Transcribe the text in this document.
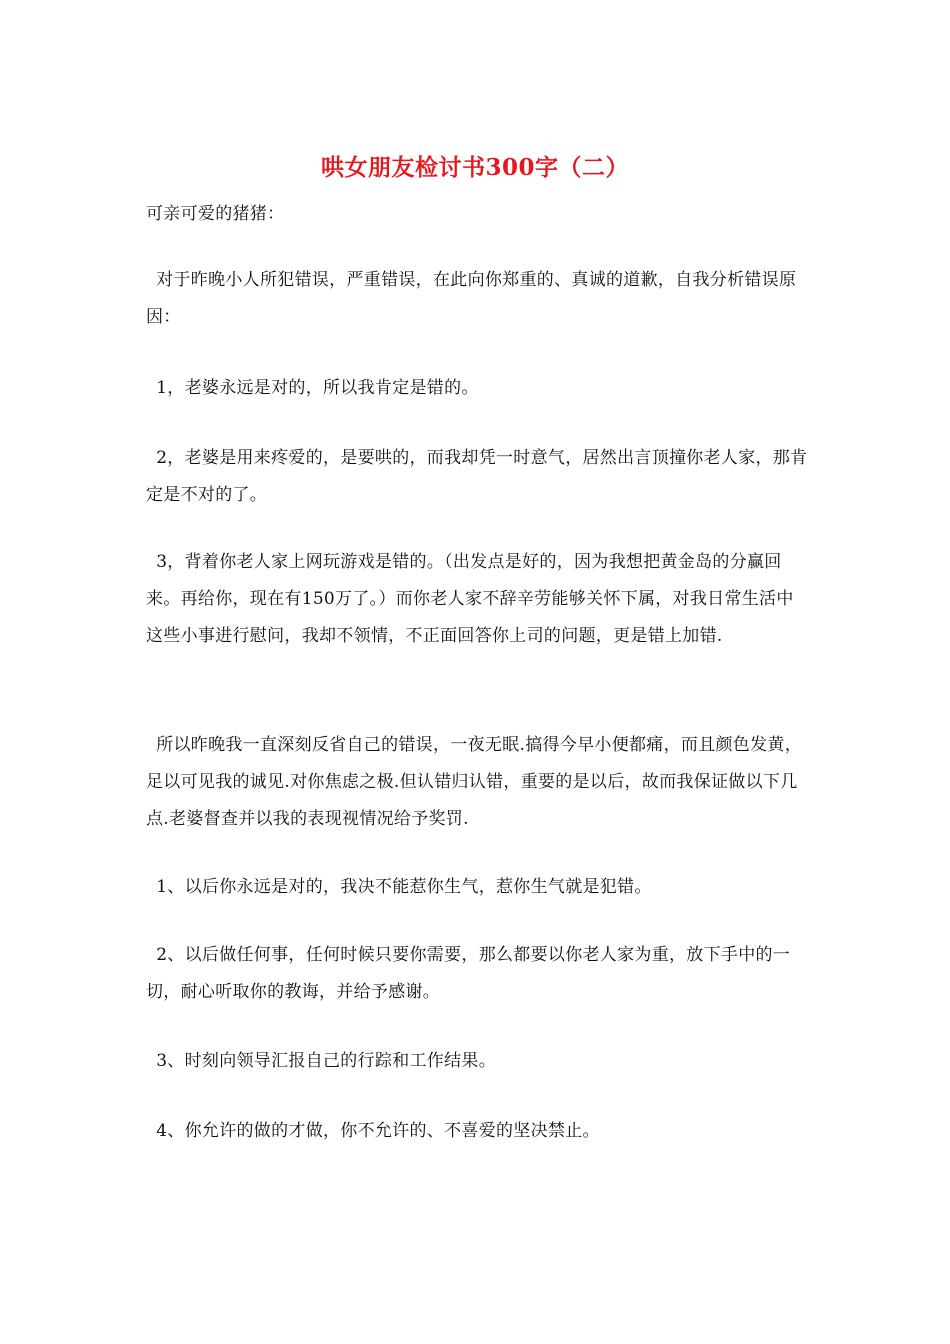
哄女朋友检讨书300字（二）

可亲可爱的猪猪：

对于昨晚小人所犯错误，严重错误，在此向你郑重的、真诚的道歉，自我分析错误原因：

1，老婆永远是对的，所以我肯定是错的。

2，老婆是用来疼爱的，是要哄的，而我却凭一时意气，居然出言顶撞你老人家，那肯定是不对的了。

3，背着你老人家上网玩游戏是错的。（出发点是好的，因为我想把黄金岛的分赢回来。再给你，现在有150万了。）而你老人家不辞辛劳能够关怀下属，对我日常生活中这些小事进行慰问，我却不领情，不正面回答你上司的问题，更是错上加错.

所以昨晚我一直深刻反省自己的错误，一夜无眠.搞得今早小便都痛，而且颜色发黄，足以可见我的诚见.对你焦虑之极.但认错归认错，重要的是以后，故而我保证做以下几点.老婆督查并以我的表现视情况给予奖罚.

1、以后你永远是对的，我决不能惹你生气，惹你生气就是犯错。

2、以后做任何事，任何时候只要你需要，那么都要以你老人家为重，放下手中的一切，耐心听取你的教诲，并给予感谢。

3、时刻向领导汇报自己的行踪和工作结果。

4、你允许的做的才做，你不允许的、不喜爱的坚决禁止。
